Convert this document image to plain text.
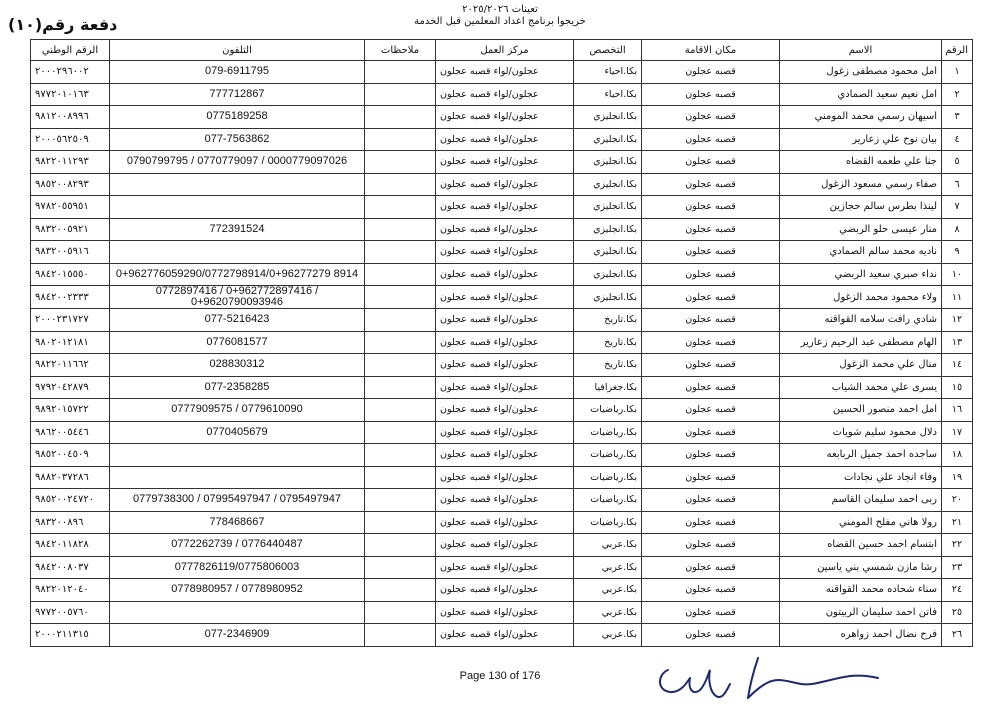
تعينات ٢٠٢٥/٢٠٢٦
خريجوا برنامج اعداد المعلمين قبل الخدمة
دفعة رقم(١٠)
الرقم	الاسم	مكان الاقامة	التخصص	مركز العمل	ملاحظات	التلفون	الرقم الوطني
١	امل محمود مصطفى زغول	قصبه عجلون	بكا.احياء	عجلون/لواء قصبه عجلون		079-6911795	٢٠٠٠٢٩٦٠٠٢
٢	امل نعيم سعيد الصمادي	قصبه عجلون	بكا.احياء	عجلون/لواء قصبه عجلون		777712867	٩٧٧٢٠١٠١٦٣
٣	اسيهان رسمي محمد المومني	قصبه عجلون	بكا.انجليزي	عجلون/لواء قصبه عجلون		0775189258	٩٨١٢٠٠٨٩٩٦
٤	بيان نوح علي زعارير	قصبه عجلون	بكا.انجليزي	عجلون/لواء قصبه عجلون		077-7563862	٢٠٠٠٥٦٢٥٠٩
٥	جنا علي طعمه القضاه	قصبه عجلون	بكا.انجليزي	عجلون/لواء قصبه عجلون		0790799795 / 0770779097 / 0000779097026	٩٨٢٢٠١١٢٩٣
٦	صفاء رسمي مسعود الزغول	قصبه عجلون	بكا.انجليزي	عجلون/لواء قصبه عجلون			٩٨٥٢٠٠٨٢٩٣
٧	لينذا بطرس سالم حجازين	قصبه عجلون	بكا.انجليزي	عجلون/لواء قصبه عجلون			٩٧٨٢٠٥٥٩٥١
٨	منار عيسى حلو الربضي	قصبه عجلون	بكا.انجليزي	عجلون/لواء قصبه عجلون		772391524	٩٨٣٢٠٠٥٩٢١
٩	ناديه محمد سالم الصمادي	قصبه عجلون	بكا.انجليزي	عجلون/لواء قصبه عجلون			٩٨٣٢٠٠٥٩١٦
١٠	نداء صبري سعيد الربضي	قصبه عجلون	بكا.انجليزي	عجلون/لواء قصبه عجلون		0+962776059290/0772798914/0+96277279 8914	٩٨٤٢٠١٥٥٥٠
١١	ولاء محمود محمد الزغول	قصبه عجلون	بكا.انجليزي	عجلون/لواء قصبه عجلون		0772897416 / 0+962772897416 / 0+9620790093946	٩٨٤٢٠٠٢٣٣٣
١٢	شادي رافت سلامه القواقنه	قصبه عجلون	بكا.تاريخ	عجلون/لواء قصبه عجلون		077-5216423	٢٠٠٠٢٣١٧٢٧
١٣	الهام مصطفى عبد الرحيم زعارير	قصبه عجلون	بكا.تاريخ	عجلون/لواء قصبه عجلون		0776081577	٩٨٠٢٠١٢١٨١
١٤	منال علي محمد الزغول	قصبه عجلون	بكا.تاريخ	عجلون/لواء قصبه عجلون		028830312	٩٨٢٢٠١١٦٦٢
١٥	يسرى علي محمد الشياب	قصبه عجلون	بكا.جغرافيا	عجلون/لواء قصبه عجلون		077-2358285	٩٧٩٢٠٤٢٨٧٩
١٦	امل احمد منصور الحسين	قصبه عجلون	بكا.رياضيات	عجلون/لواء قصبه عجلون		0777909575 / 0779610090	٩٨٩٢٠١٥٧٢٢
١٧	دلال محمود سليم شويات	قصبه عجلون	بكا.رياضيات	عجلون/لواء قصبه عجلون		0770405679	٩٨٦٢٠٠٥٤٤٦
١٨	ساجده احمد جميل الربابعه	قصبه عجلون	بكا.رياضيات	عجلون/لواء قصبه عجلون			٩٨٥٢٠٠٤٥٠٩
١٩	وفاء انجاد علي نجادات	قصبه عجلون	بكا.رياضيات	عجلون/لواء قصبه عجلون			٩٨٨٢٠٣٧٢٨٦
٢٠	ربى احمد سليمان القاسم	قصبه عجلون	بكا.رياضيات	عجلون/لواء قصبه عجلون		0779738300 / 07995497947 / 0795497947	٩٨٥٢٠٠٢٤٧٢٠
٢١	رولا هاني مفلح المومني	قصبه عجلون	بكا.رياضيات	عجلون/لواء قصبه عجلون		778468667	٩٨٣٢٠٠٨٩٦
٢٢	ابتسام احمد حسين القضاه	قصبه عجلون	بكا.عربي	عجلون/لواء قصبه عجلون		0772262739 / 0776440487	٩٨٤٢٠١١٨٢٨
٢٣	رشا مازن شمسي بني ياسين	قصبه عجلون	بكا.عربي	عجلون/لواء قصبه عجلون		0777826119/0775806003	٩٨٤٢٠٠٨٠٣٧
٢٤	سناء شحاده محمد القواقنه	قصبه عجلون	بكا.عربي	عجلون/لواء قصبه عجلون		0778980957 / 0778980952	٩٨٢٢٠١٢٠٤٠
٢٥	فاتن احمد سليمان الربيتون	قصبه عجلون	بكا.عربي	عجلون/لواء قصبه عجلون			٩٧٧٢٠٠٥٧٦٠
٢٦	فرح نضال احمد زواهره	قصبه عجلون	بكا.عربي	عجلون/لواء قصبه عجلون		077-2346909	٢٠٠٠٢١١٣١٥
Page 130 of 176
